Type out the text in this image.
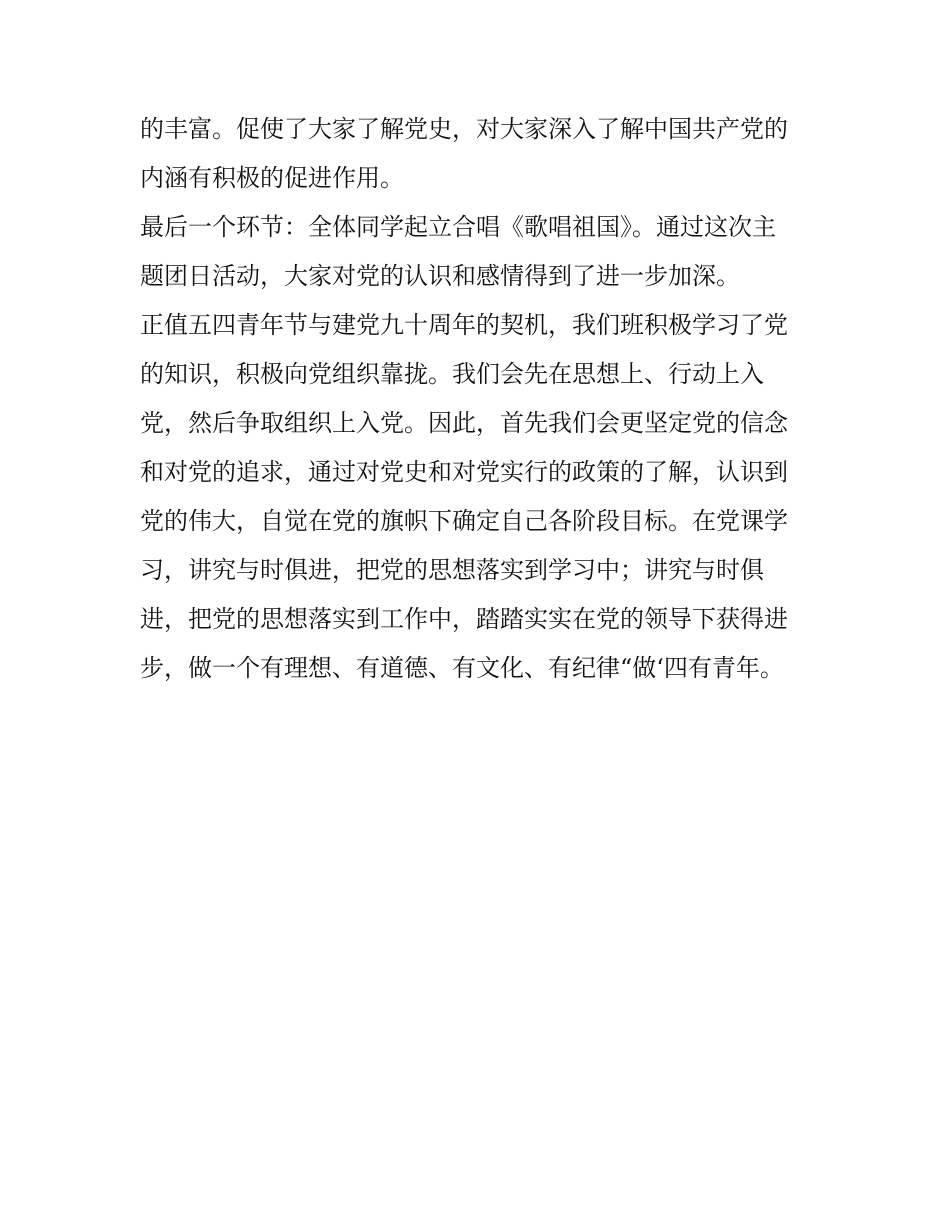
的丰富。促使了大家了解党史，对大家深入了解中国共产党的
内涵有积极的促进作用。
最后一个环节：全体同学起立合唱《歌唱祖国》。通过这次主
题团日活动，大家对党的认识和感情得到了进一步加深。
正值五四青年节与建党九十周年的契机，我们班积极学习了党
的知识，积极向党组织靠拢。我们会先在思想上、行动上入
党，然后争取组织上入党。因此，首先我们会更坚定党的信念
和对党的追求，通过对党史和对党实行的政策的了解，认识到
党的伟大，自觉在党的旗帜下确定自己各阶段目标。在党课学
习，讲究与时俱进，把党的思想落实到学习中；讲究与时俱
进，把党的思想落实到工作中，踏踏实实在党的领导下获得进
步，做一个有理想、有道德、有文化、有纪律“做‘四有青年。
